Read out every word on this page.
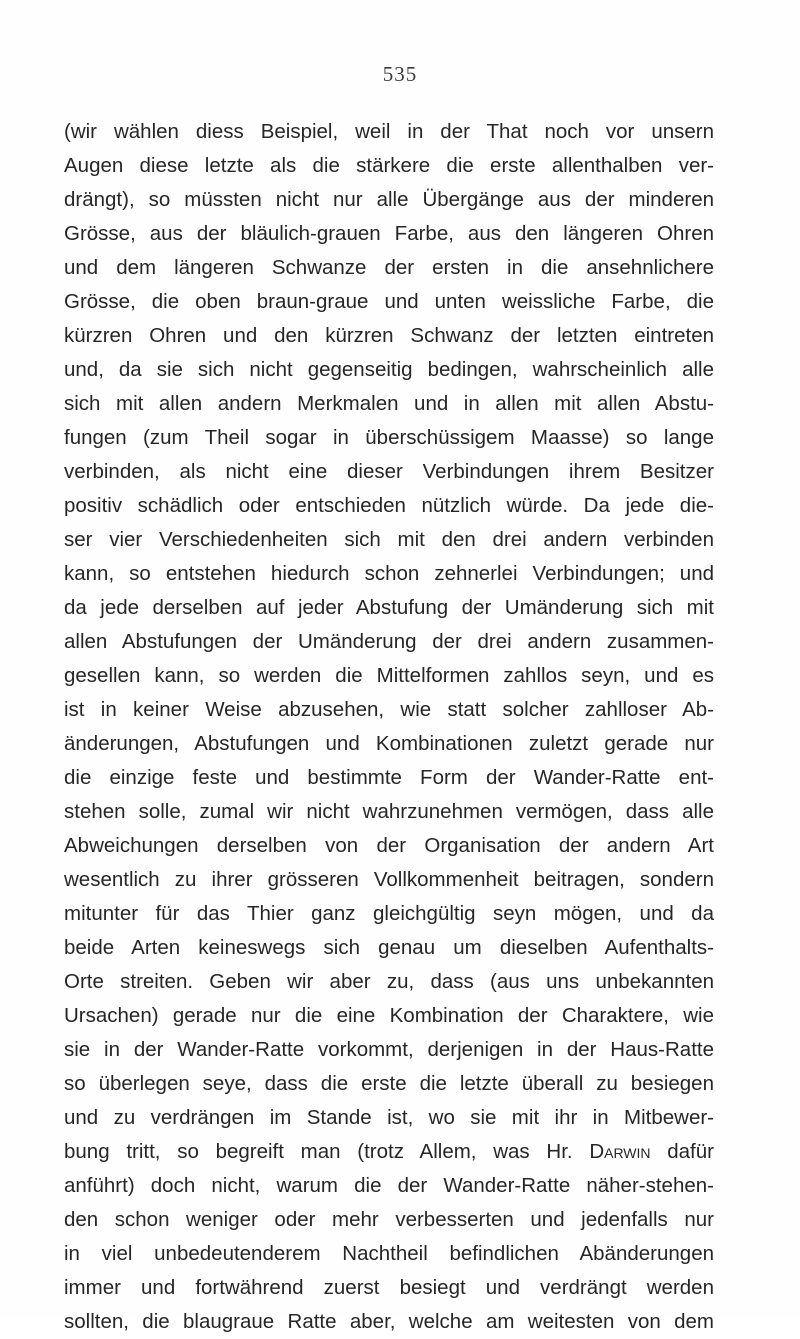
535
(wir wählen diess Beispiel, weil in der That noch vor unsern
Augen diese letzte als die stärkere die erste allenthalben ver-
drängt), so müssten nicht nur alle Übergänge aus der minderen
Grösse, aus der bläulich-grauen Farbe, aus den längeren Ohren
und dem längeren Schwanze der ersten in die ansehnlichere
Grösse, die oben braun-graue und unten weissliche Farbe, die
kürzren Ohren und den kürzren Schwanz der letzten eintreten
und, da sie sich nicht gegenseitig bedingen, wahrscheinlich alle
sich mit allen andern Merkmalen und in allen mit allen Abstu-
fungen (zum Theil sogar in überschüssigem Maasse) so lange
verbinden, als nicht eine dieser Verbindungen ihrem Besitzer
positiv schädlich oder entschieden nützlich würde. Da jede die-
ser vier Verschiedenheiten sich mit den drei andern verbinden
kann, so entstehen hiedurch schon zehnerlei Verbindungen; und
da jede derselben auf jeder Abstufung der Umänderung sich mit
allen Abstufungen der Umänderung der drei andern zusammen-
gesellen kann, so werden die Mittelformen zahllos seyn, und es
ist in keiner Weise abzusehen, wie statt solcher zahlloser Ab-
änderungen, Abstufungen und Kombinationen zuletzt gerade nur
die einzige feste und bestimmte Form der Wander-Ratte ent-
stehen solle, zumal wir nicht wahrzunehmen vermögen, dass alle
Abweichungen derselben von der Organisation der andern Art
wesentlich zu ihrer grösseren Vollkommenheit beitragen, sondern
mitunter für das Thier ganz gleichgültig seyn mögen, und da
beide Arten keineswegs sich genau um dieselben Aufenthalts-
Orte streiten. Geben wir aber zu, dass (aus uns unbekannten
Ursachen) gerade nur die eine Kombination der Charaktere, wie
sie in der Wander-Ratte vorkommt, derjenigen in der Haus-Ratte
so überlegen seye, dass die erste die letzte überall zu besiegen
und zu verdrängen im Stande ist, wo sie mit ihr in Mitbewer-
bung tritt, so begreift man (trotz Allem, was Hr. Darwin dafür
anführt) doch nicht, warum die der Wander-Ratte näher-stehen-
den schon weniger oder mehr verbesserten und jedenfalls nur
in viel unbedeutenderem Nachtheil befindlichen Abänderungen
immer und fortwährend zuerst besiegt und verdrängt werden
sollten, die blaugraue Ratte aber, welche am weitesten von dem
